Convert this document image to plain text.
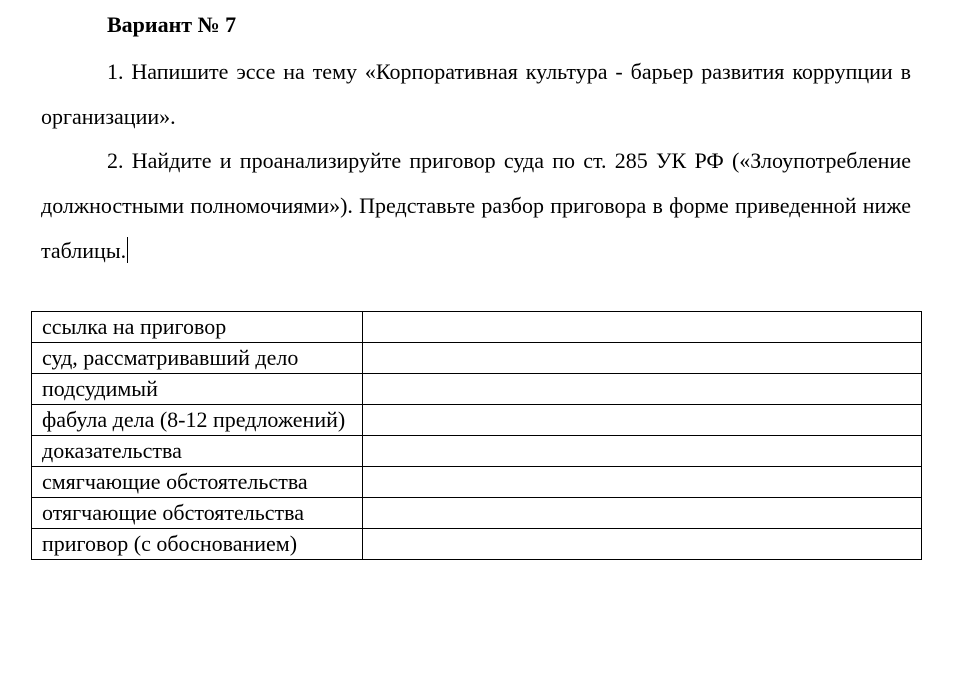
Вариант № 7
1. Напишите эссе на тему «Корпоративная культура - барьер развития коррупции в организации».
2. Найдите и проанализируйте приговор суда по ст. 285 УК РФ («Злоупотребление должностными полномочиями»). Представьте разбор приговора в форме приведенной ниже таблицы.
ссылка на приговор	
суд, рассматривавший дело	
подсудимый	
фабула дела (8-12 предложений)	
доказательства	
смягчающие обстоятельства	
отягчающие обстоятельства	
приговор (с обоснованием)	
